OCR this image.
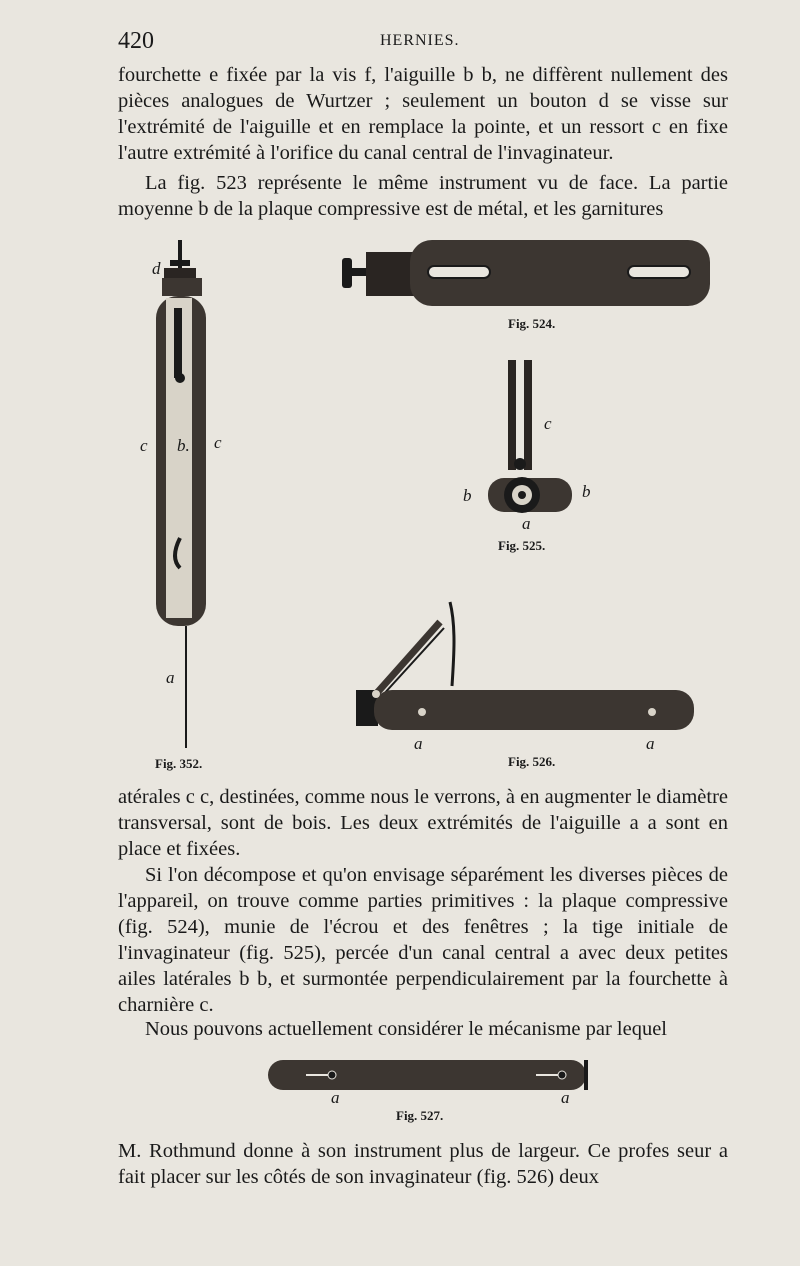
420	HERNIES.

fourchette e fixée par la vis f, l'aiguille b b, ne diffèrent nullement des pièces analogues de Wurtzer ; seulement un bouton d se visse sur l'extrémité de l'aiguille et en remplace la pointe, et un ressort c en fixe l'autre extrémité à l'orifice du canal central de l'invaginateur.

La fig. 523 représente le même instrument vu de face. La partie moyenne b de la plaque compressive est de métal, et les garnitures

d
c b. c
a
Fig. 352.
Fig. 524.
c
b	b
a
Fig. 525.
a	a
Fig. 526.

atérales c c, destinées, comme nous le verrons, à en augmenter le diamètre transversal, sont de bois. Les deux extrémités de l'aiguille a a sont en place et fixées.

Si l'on décompose et qu'on envisage séparément les diverses pièces de l'appareil, on trouve comme parties primitives : la plaque compressive (fig. 524), munie de l'écrou et des fenêtres ; la tige initiale de l'invaginateur (fig. 525), percée d'un canal central a avec deux petites ailes latérales b b, et surmontée perpendiculairement par la fourchette à charnière c.

Nous pouvons actuellement considérer le mécanisme par lequel

a	a
Fig. 527.

M. Rothmund donne à son instrument plus de largeur. Ce profes seur a fait placer sur les côtés de son invaginateur (fig. 526) deux
